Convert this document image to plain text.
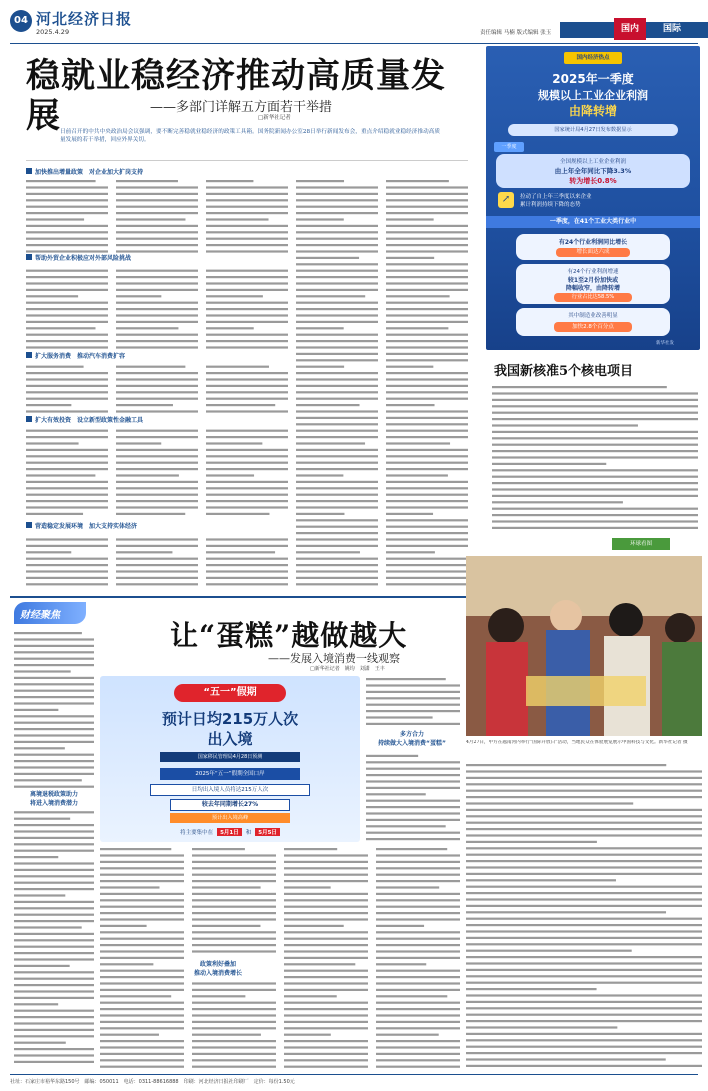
04 河北经济日报
2025.4.29	责任编辑 马楠 版式编辑 张玉	国内	国际
稳就业稳经济推动高质量发展	——多部门详解五方面若干举措
□新华社记者
日前召开的中共中央政治局会议强调，要不断完善稳就业稳经济的政策工具箱。国务院新闻办公室28日举行新闻发布会，重点介绍稳就业稳经济推动高质量发展的若干举措，回应外界关切。
加快推出增量政策　对企业加大扩岗支持
帮助外贸企业积极应对外部风险挑战
扩大服务消费　推动汽车消费扩容
扩大有效投资　设立新型政策性金融工具
营造稳定发展环境　加大支持实体经济
国内经济热点
2025年一季度
规模以上工业企业利润
由降转增
国家统计局4月27日发布数据显示
一季度
全国规模以上工业企业利润
由上年全年同比下降3.3%
转为增长0.8%
↗	拉动了自上年三季度以来企业
累计利润持续下降的态势
一季度，在41个工业大类行业中
有24个行业利润同比增长
增长面达六成
有24个行业利润增速
较1至2月份加快或
降幅收窄，由降转增
行业占比达58.5%
其中制造业改善明显
加快2.8个百分点
新华社发
我国新核准5个核电项目
财经聚焦
让“蛋糕”越做越大
——发展入境消费一线观察
□新华社记者　姚均　刘潇　王丰
“五一”假期
预计日均215万人次
出入境
国家移民管理局4月28日预测
2025年“五一”假期全国口岸
日均出入境人员将达215万人次
较去年同期增长27%
预计出入境高峰
将主要集中在	5月1日	和	5月5日
离境退税政策助力
将进入境消费潜力
多方合力
持续做大入境消费“蛋糕”
政策利好叠加
推动入境消费增长
环球看图
4月27日，甲方在越南河内举行“国际开放日”活动，当地民众在体验展览展示中国科技与文化。新华社记者 摄
社址：石家庄市裕华东路150号　邮编：050011　电话：0311-88616888　印刷：河北经济日报社印刷厂　定价：每份1.50元
